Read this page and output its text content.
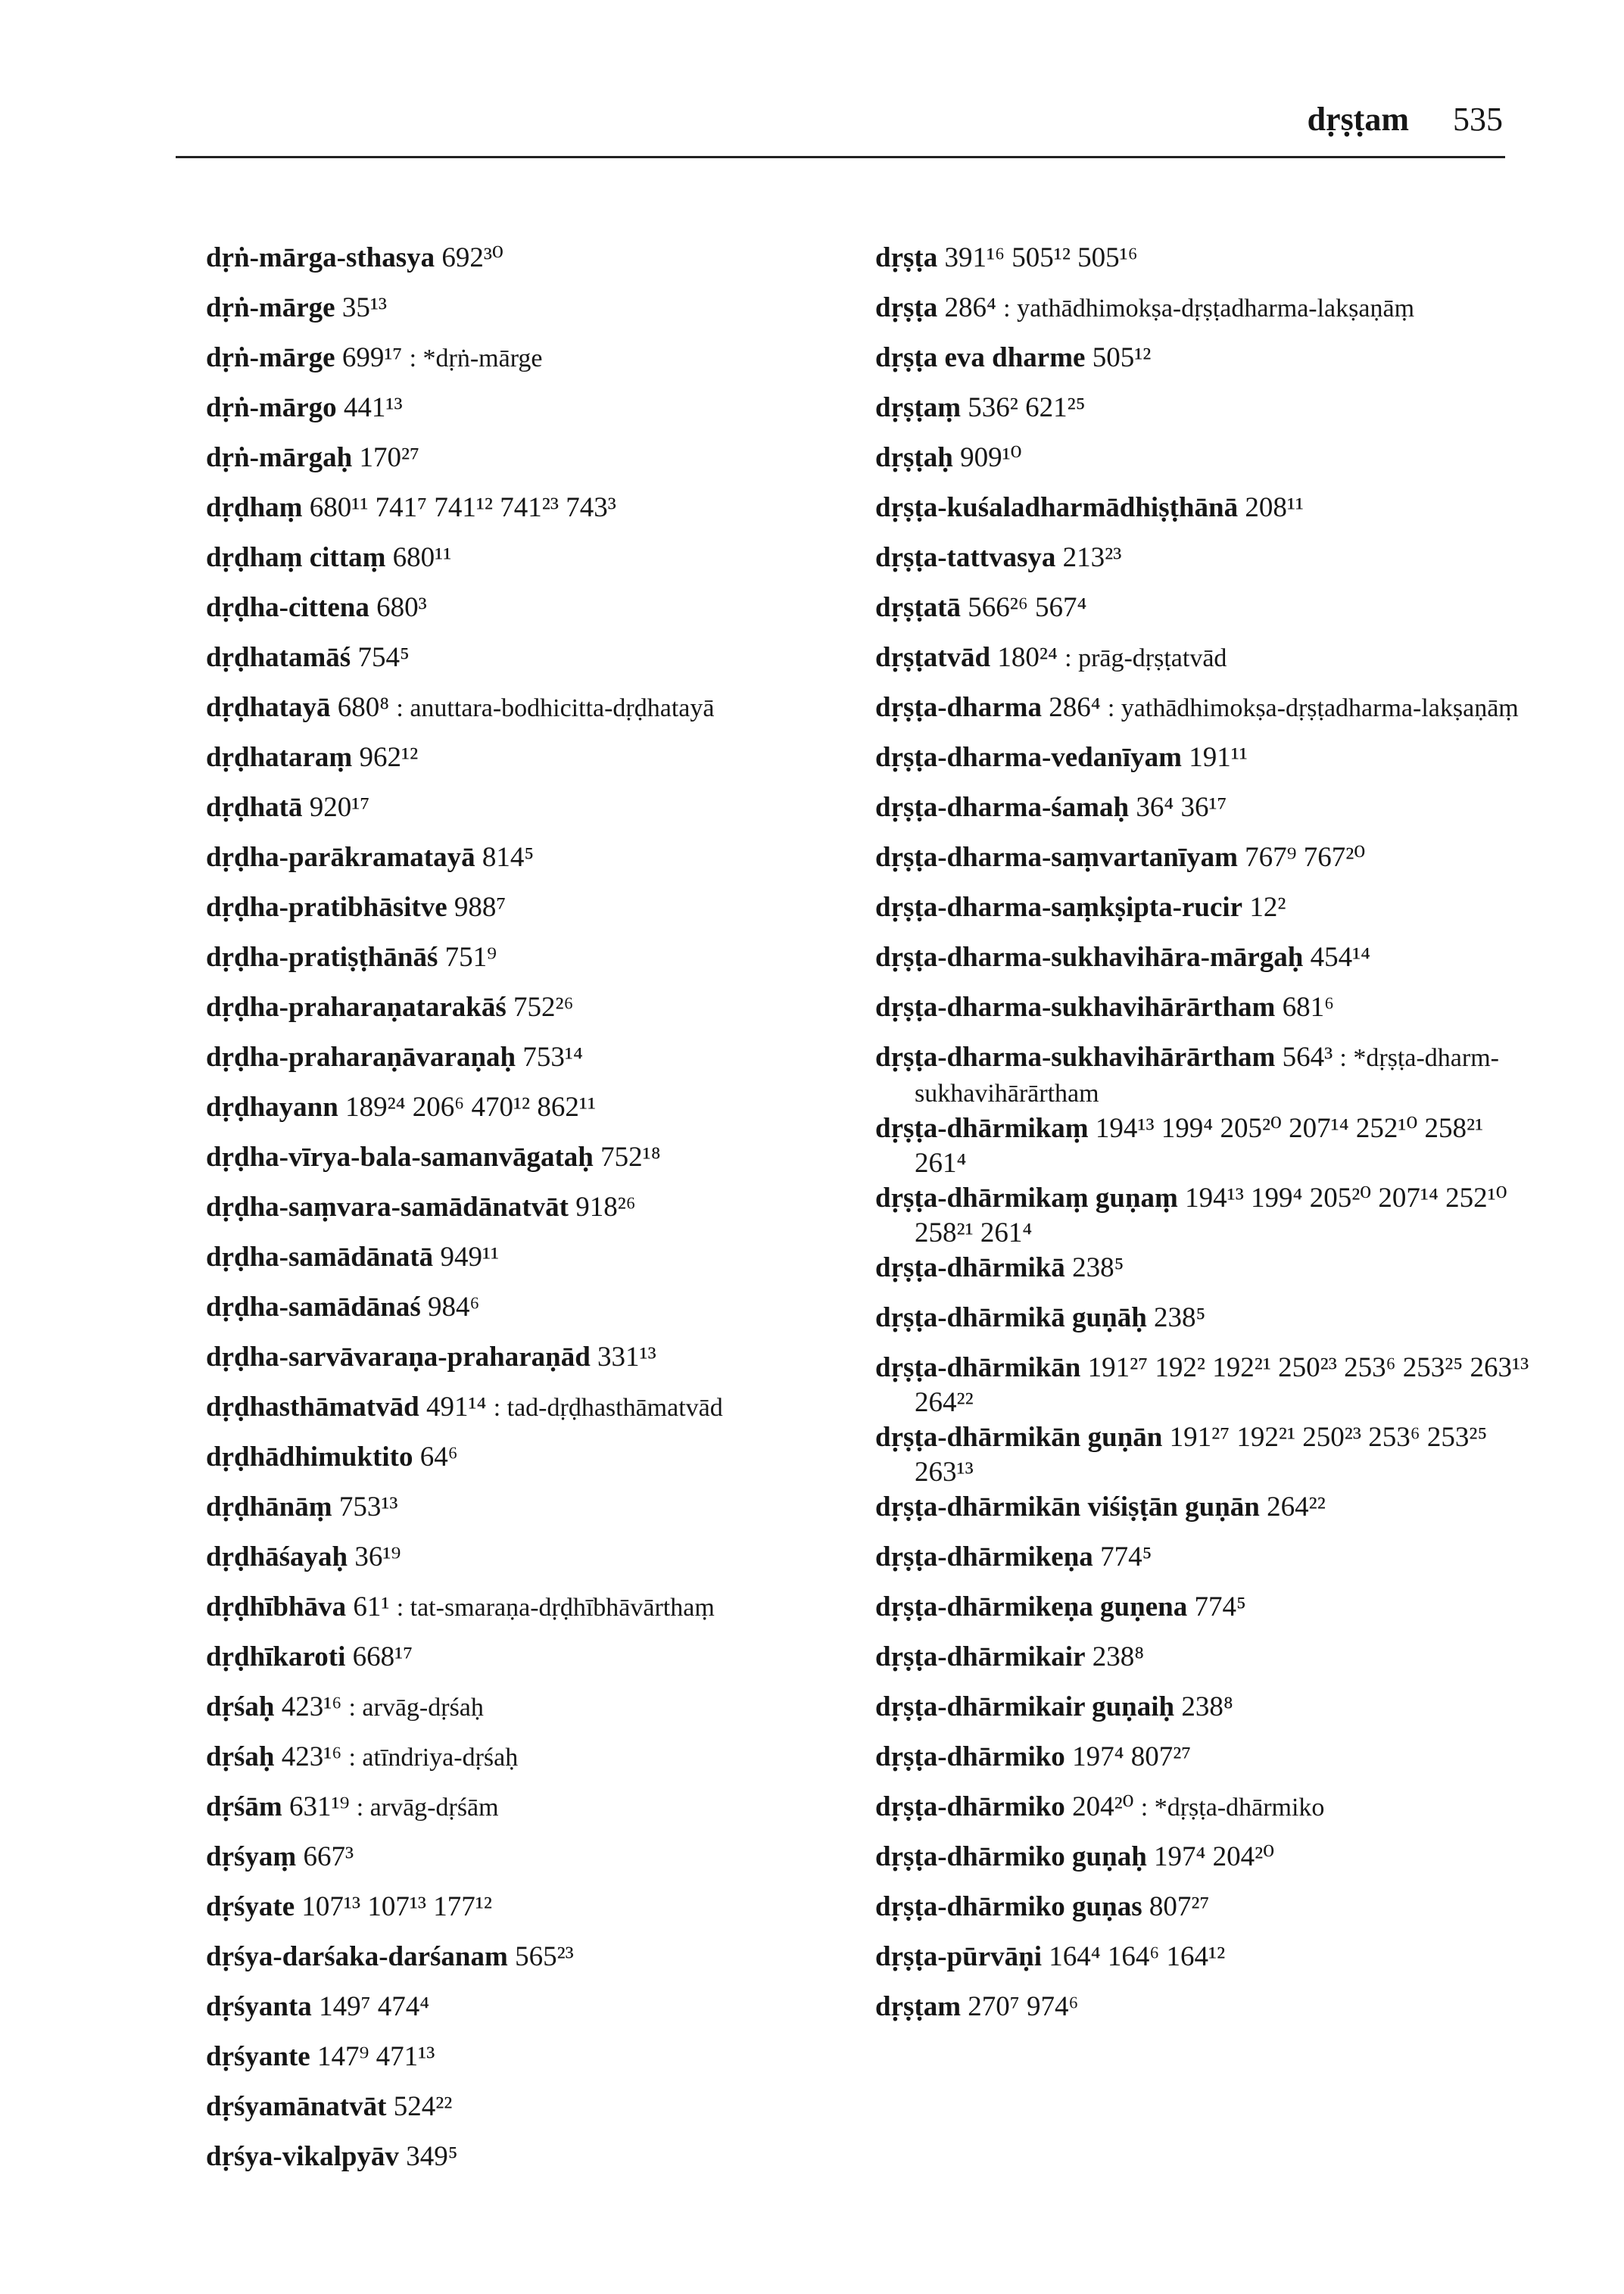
dṛṣṭam 535
dṛṅ-mārga-sthasya 692³⁰
dṛṅ-mārge 35¹³
dṛṅ-mārge 699¹⁷ : *dṛṅ-mārge
dṛṅ-mārgo 441¹³
dṛṅ-mārgaḥ 170²⁷
dṛḍhaṃ 680¹¹ 741⁷ 741¹² 741²³ 743³
dṛḍhaṃ cittaṃ 680¹¹
dṛḍha-cittena 680³
dṛḍhatamāś 754⁵
dṛḍhatayā 680⁸ : anuttara-bodhicitta-dṛḍhatayā
dṛḍhataraṃ 962¹²
dṛḍhatā 920¹⁷
dṛḍha-parākramatayā 814⁵
dṛḍha-pratibhāsitve 988⁷
dṛḍha-pratiṣṭhānāś 751⁹
dṛḍha-praharaṇatarakāś 752²⁶
dṛḍha-praharaṇāvaraṇaḥ 753¹⁴
dṛḍhayann 189²⁴ 206⁶ 470¹² 862¹¹
dṛḍha-vīrya-bala-samanvāgataḥ 752¹⁸
dṛḍha-saṃvara-samādānatvāt 918²⁶
dṛḍha-samādānatā 949¹¹
dṛḍha-samādānaś 984⁶
dṛḍha-sarvāvaraṇa-praharaṇād 331¹³
dṛḍhasthāmatvād 491¹⁴ : tad-dṛḍhasthāmatvād
dṛḍhādhimuktito 64⁶
dṛḍhānāṃ 753¹³
dṛḍhāśayaḥ 36¹⁹
dṛḍhībhāva 61¹ : tat-smaraṇa-dṛḍhībhāvārthaṃ
dṛḍhīkaroti 668¹⁷
dṛśaḥ 423¹⁶ : arvāg-dṛśaḥ
dṛśaḥ 423¹⁶ : atīndriya-dṛśaḥ
dṛśām 631¹⁹ : arvāg-dṛśām
dṛśyaṃ 667³
dṛśyate 107¹³ 107¹³ 177¹²
dṛśya-darśaka-darśanam 565²³
dṛśyanta 149⁷ 474⁴
dṛśyante 147⁹ 471¹³
dṛśyamānatvāt 524²²
dṛśya-vikalpyāv 349⁵
dṛṣṭa 391¹⁶ 505¹² 505¹⁶
dṛṣṭa 286⁴ : yathādhimokṣa-dṛṣṭadharma-lakṣaṇāṃ
dṛṣṭa eva dharme 505¹²
dṛṣṭaṃ 536² 621²⁵
dṛṣṭaḥ 909¹⁰
dṛṣṭa-kuśaladharmādhiṣṭhānā 208¹¹
dṛṣṭa-tattvasya 213²³
dṛṣṭatā 566²⁶ 567⁴
dṛṣṭatvād 180²⁴ : prāg-dṛṣṭatvād
dṛṣṭa-dharma 286⁴ : yathādhimokṣa-dṛṣṭadharma-lakṣaṇāṃ
dṛṣṭa-dharma-vedanīyam 191¹¹
dṛṣṭa-dharma-śamaḥ 36⁴ 36¹⁷
dṛṣṭa-dharma-saṃvartanīyam 767⁹ 767²⁰
dṛṣṭa-dharma-saṃkṣipta-rucir 12²
dṛṣṭa-dharma-sukhavihāra-mārgaḥ 454¹⁴
dṛṣṭa-dharma-sukhavihārārtham 681⁶
dṛṣṭa-dharma-sukhavihārārtham 564³ : *dṛṣṭa-dharm-sukhavihārārtham
dṛṣṭa-dhārmikaṃ 194¹³ 199⁴ 205²⁰ 207¹⁴ 252¹⁰ 258²¹ 261⁴
dṛṣṭa-dhārmikaṃ guṇaṃ 194¹³ 199⁴ 205²⁰ 207¹⁴ 252¹⁰ 258²¹ 261⁴
dṛṣṭa-dhārmikā 238⁵
dṛṣṭa-dhārmikā guṇāḥ 238⁵
dṛṣṭa-dhārmikān 191²⁷ 192² 192²¹ 250²³ 253⁶ 253²⁵ 263¹³ 264²²
dṛṣṭa-dhārmikān guṇān 191²⁷ 192²¹ 250²³ 253⁶ 253²⁵ 263¹³
dṛṣṭa-dhārmikān viśiṣṭān guṇān 264²²
dṛṣṭa-dhārmikeṇa 774⁵
dṛṣṭa-dhārmikeṇa guṇena 774⁵
dṛṣṭa-dhārmikair 238⁸
dṛṣṭa-dhārmikair guṇaiḥ 238⁸
dṛṣṭa-dhārmiko 197⁴ 807²⁷
dṛṣṭa-dhārmiko 204²⁰ : *dṛṣṭa-dhārmiko
dṛṣṭa-dhārmiko guṇaḥ 197⁴ 204²⁰
dṛṣṭa-dhārmiko guṇas 807²⁷
dṛṣṭa-pūrvāṇi 164⁴ 164⁶ 164¹²
dṛṣṭam 270⁷ 974⁶
